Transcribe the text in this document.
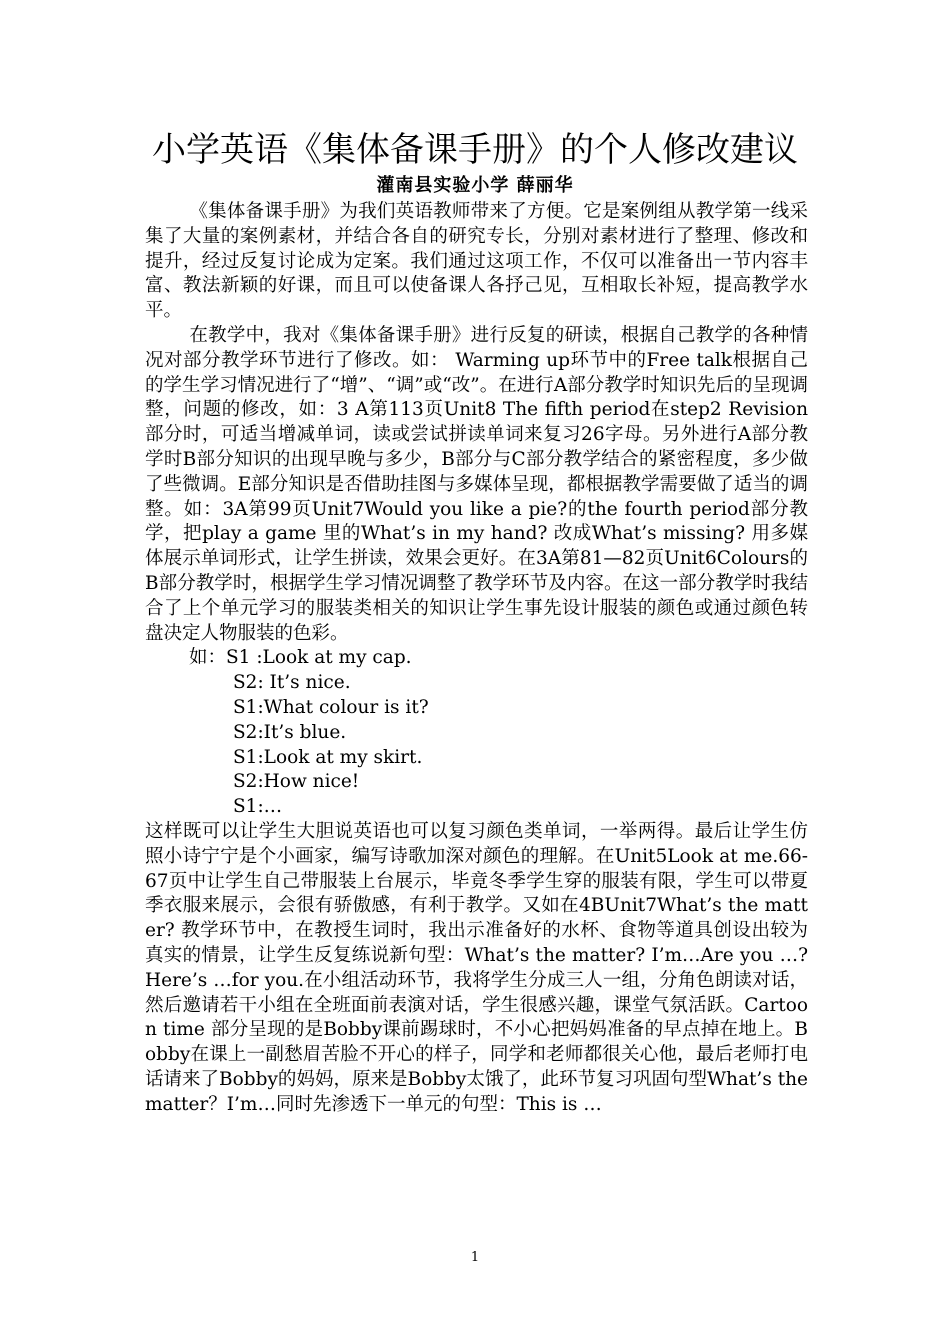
小学英语《集体备课手册》的个人修改建议
灌南县实验小学 薛丽华

《集体备课手册》为我们英语教师带来了方便。它是案例组从教学第一线采集了大量的案例素材，并结合各自的研究专长，分别对素材进行了整理、修改和提升，经过反复讨论成为定案。我们通过这项工作，不仅可以准备出一节内容丰富、教法新颖的好课，而且可以使备课人各抒己见，互相取长补短，提高教学水平。

在教学中，我对《集体备课手册》进行反复的研读，根据自己教学的各种情况对部分教学环节进行了修改。如： Warming up环节中的Free talk根据自己的学生学习情况进行了“增”、“调”或“改”。在进行A部分教学时知识先后的呈现调整，问题的修改，如：3 A第113页Unit8 The fifth period在step2 Revision部分时，可适当增减单词，读或尝试拼读单词来复习26字母。另外进行A部分教学时B部分知识的出现早晚与多少，B部分与C部分教学结合的紧密程度，多少做了些微调。E部分知识是否借助挂图与多媒体呈现，都根据教学需要做了适当的调整。如：3A第99页Unit7Would you like a pie?的the fourth period部分教学，把play a game 里的What’s in my hand? 改成What’s missing? 用多媒体展示单词形式，让学生拼读，效果会更好。在3A第81—82页Unit6Colours的B部分教学时，根据学生学习情况调整了教学环节及内容。在这一部分教学时我结合了上个单元学习的服装类相关的知识让学生事先设计服装的颜色或通过颜色转盘决定人物服装的色彩。

如：S1 :Look at my cap.
S2: It’s nice.
S1:What colour is it?
S2:It’s blue.
S1:Look at my skirt.
S2:How nice!
S1:…

这样既可以让学生大胆说英语也可以复习颜色类单词，一举两得。最后让学生仿照小诗宁宁是个小画家，编写诗歌加深对颜色的理解。在Unit5Look at me.66-67页中让学生自己带服装上台展示，毕竟冬季学生穿的服装有限，学生可以带夏季衣服来展示，会很有骄傲感，有利于教学。又如在4BUnit7What’s the matter? 教学环节中，在教授生词时，我出示准备好的水杯、食物等道具创设出较为真实的情景，让学生反复练说新句型：What’s the matter? I’m…Are you …?Here’s …for you.在小组活动环节，我将学生分成三人一组，分角色朗读对话，然后邀请若干小组在全班面前表演对话，学生很感兴趣，课堂气氛活跃。Cartoon time 部分呈现的是Bobby课前踢球时，不小心把妈妈准备的早点掉在地上。Bobby在课上一副愁眉苦脸不开心的样子，同学和老师都很关心他，最后老师打电话请来了Bobby的妈妈，原来是Bobby太饿了，此环节复习巩固句型What’s the matter？I’m…同时先渗透下一单元的句型：This is …

1
